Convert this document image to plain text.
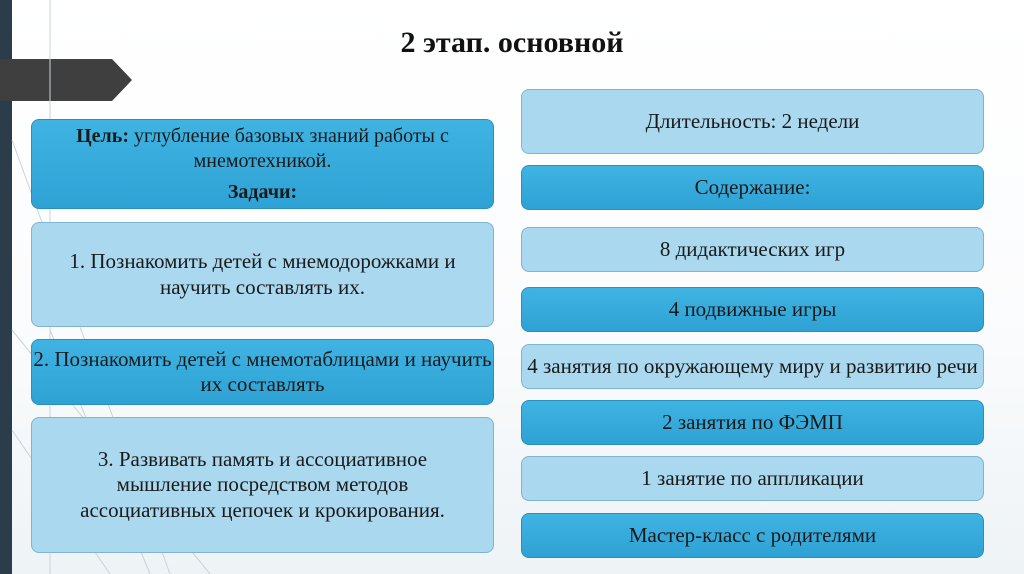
2 этап. основной
Цель: углубление базовых знаний работы с мнемотехникой.
Задачи:
1. Познакомить детей с мнемодорожками и научить составлять их.
2. Познакомить детей с мнемотаблицами и научить их составлять
3. Развивать память и ассоциативное мышление посредством методов ассоциативных цепочек и крокирования.
Длительность: 2 недели
Содержание:
8 дидактических игр
4 подвижные игры
4 занятия по окружающему миру и развитию речи
2 занятия по ФЭМП
1 занятие по аппликации
Мастер-класс с родителями
